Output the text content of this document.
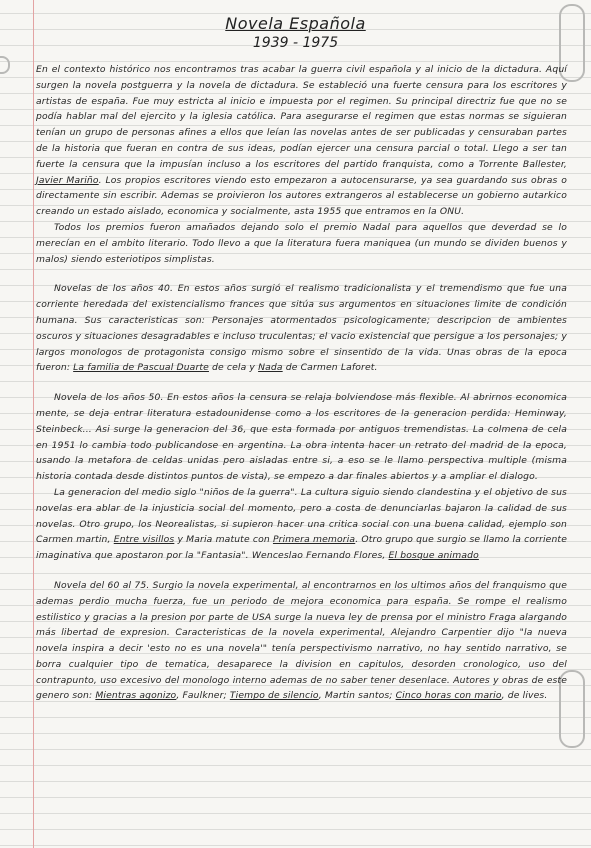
Novela Española
1939 - 1975

En el contexto histórico nos encontramos tras acabar la guerra civil española y al inicio de la dictadura. Aquí surgen la novela postguerra y la novela de dictadura. Se estableció una fuerte censura para los escritores y artistas de españa. Fue muy estricta al inicio e impuesta por el regimen. Su principal directriz fue que no se podía hablar mal del ejercito y la iglesia católica. Para asegurarse el regimen que estas normas se siguieran tenían un grupo de personas afines a ellos que leían las novelas antes de ser publicadas y censuraban partes de la historia que fueran en contra de sus ideas, podían ejercer una censura parcial o total. Llego a ser tan fuerte la censura que la impusían incluso a los escritores del partido franquista, como a Torrente Ballester, Javier Mariño. Los propios escritores viendo esto empezaron a autocensurarse, ya sea guardando sus obras o directamente sin escribir. Ademas se proivieron los autores extrangeros al establecerse un gobierno autarkico creando un estado aislado, economica y socialmente, asta 1955 que entramos en la ONU.

Todos los premios fueron amañados dejando solo el premio Nadal para aquellos que deverdad se lo merecían en el ambito literario. Todo llevo a que la literatura fuera maniquea (un mundo se dividen buenos y malos) siendo esteriotipos simplistas.

Novelas de los años 40. En estos años surgió el realismo tradicionalista y el tremendismo que fue una corriente heredada del existencialismo frances que sitúa sus argumentos en situaciones limite de condición humana. Sus caracteristicas son: Personajes atormentados psicologicamente; descripcion de ambientes oscuros y situaciones desagradables e incluso truculentas; el vacio existencial que persigue a los personajes; y largos monologos de protagonista consigo mismo sobre el sinsentido de la vida. Unas obras de la epoca fueron: La familia de Pascual Duarte de cela y Nada de Carmen Laforet.

Novela de los años 50. En estos años la censura se relaja bolviendose más flexible. Al abrirnos economica mente, se deja entrar literatura estadounidense como a los escritores de la generacion perdida: Heminway, Steinbeck... Asi surge la generacion del 36, que esta formada por antiguos tremendistas. La colmena de cela en 1951 lo cambia todo publicandose en argentina. La obra intenta hacer un retrato del madrid de la epoca, usando la metafora de celdas unidas pero aisladas entre si, a eso se le llamo perspectiva multiple (misma historia contada desde distintos puntos de vista), se empezo a dar finales abiertos y a ampliar el dialogo.

La generacion del medio siglo "niños de la guerra". La cultura siguio siendo clandestina y el objetivo de sus novelas era ablar de la injusticia social del momento, pero a costa de denunciarlas bajaron la calidad de sus novelas. Otro grupo, los Neorealistas, si supieron hacer una critica social con una buena calidad, ejemplo son Carmen martin, Entre visillos y Maria matute con Primera memoria. Otro grupo que surgio se llamo la corriente imaginativa que apostaron por la "Fantasia". Wenceslao Fernando Flores, El bosque animado

Novela del 60 al 75. Surgio la novela experimental, al encontrarnos en los ultimos años del franquismo que ademas perdio mucha fuerza, fue un periodo de mejora economica para españa. Se rompe el realismo estilistico y gracias a la presion por parte de USA surge la nueva ley de prensa por el ministro Fraga alargando más libertad de expresion. Caracteristicas de la novela experimental, Alejandro Carpentier dijo "la nueva novela inspira a decir 'esto no es una novela'" tenía perspectivismo narrativo, no hay sentido narrativo, se borra cualquier tipo de tematica, desaparece la division en capitulos, desorden cronologico, uso del contrapunto, uso excesivo del monologo interno ademas de no saber tener desenlace. Autores y obras de este genero son: Mientras agonizo, Faulkner; Tiempo de silencio, Martin santos; Cinco horas con mario, de lives.
